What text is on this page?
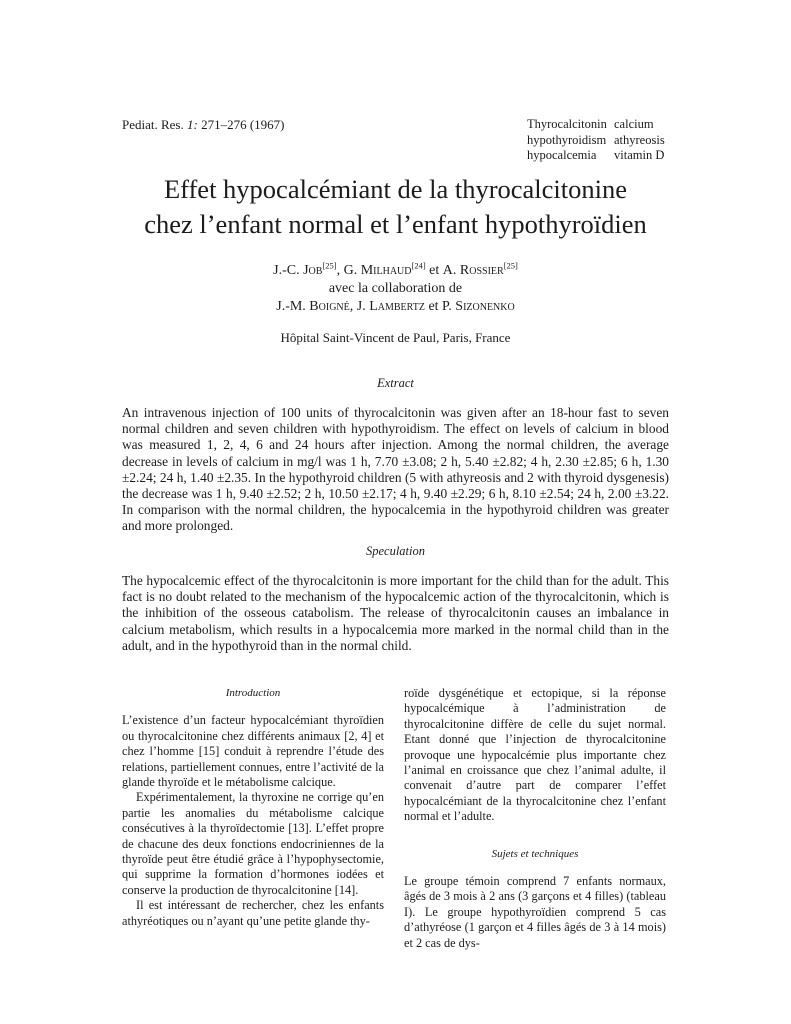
Pediat. Res. 1: 271–276 (1967)	Thyrocalcitonin calcium
hypothyroidism athyreosis
hypocalcemia	vitamin D
Effet hypocalcémiant de la thyrocalcitonine
chez l’enfant normal et l’enfant hypothyroïdien
J.-C. Job[25], G. Milhaud[24] et A. Rossier[25]
avec la collaboration de
J.-M. Boigné, J. Lambertz et P. Sizonenko
Hôpital Saint-Vincent de Paul, Paris, France
Extract

An intravenous injection of 100 units of thyrocalcitonin was given after an 18-hour fast to seven normal children and seven children with hypothyroidism. The effect on levels of calcium in blood was measured 1, 2, 4, 6 and 24 hours after injection. Among the normal children, the average decrease in levels of calcium in mg/l was 1 h, 7.70 ±3.08; 2 h, 5.40 ±2.82; 4 h, 2.30 ±2.85; 6 h, 1.30 ±2.24; 24 h, 1.40 ±2.35. In the hypothyroid children (5 with athyreosis and 2 with thyroid dysgenesis) the decrease was 1 h, 9.40 ±2.52; 2 h, 10.50 ±2.17; 4 h, 9.40 ±2.29; 6 h, 8.10 ±2.54; 24 h, 2.00 ±3.22. In comparison with the normal children, the hypocalcemia in the hypothyroid children was greater and more prolonged.

Speculation

The hypocalcemic effect of the thyrocalcitonin is more important for the child than for the adult. This fact is no doubt related to the mechanism of the hypocalcemic action of the thyrocalcitonin, which is the inhibition of the osseous catabolism. The release of thyrocalcitonin causes an imbalance in calcium metabolism, which results in a hypocalcemia more marked in the normal child than in the adult, and in the hypothyroid than in the normal child.

Introduction

L’existence d’un facteur hypocalcémiant thyroïdien ou thyrocalcitonine chez différents animaux [2, 4] et chez l’homme [15] conduit à reprendre l’étude des relations, partiellement connues, entre l’activité de la glande thyroïde et le métabolisme calcique.

Expérimentalement, la thyroxine ne corrige qu’en partie les anomalies du métabolisme calcique consécutives à la thyroïdectomie [13]. L’effet propre de chacune des deux fonctions endocriniennes de la thyroïde peut être étudié grâce à l’hypophysectomie, qui supprime la formation d’hormones iodées et conserve la production de thyrocalcitonine [14].

Il est intéressant de rechercher, chez les enfants athyréotiques ou n’ayant qu’une petite glande thy-

roïde dysgénétique et ectopique, si la réponse hypocalcémique à l’administration de thyrocalcitonine diffère de celle du sujet normal. Etant donné que l’injection de thyrocalcitonine provoque une hypocalcémie plus importante chez l’animal en croissance que chez l’animal adulte, il convenait d’autre part de comparer l’effet hypocalcémiant de la thyrocalcitonine chez l’enfant normal et l’adulte.

Sujets et techniques

Le groupe témoin comprend 7 enfants normaux, âgés de 3 mois à 2 ans (3 garçons et 4 filles) (tableau I). Le groupe hypothyroïdien comprend 5 cas d’athyréose (1 garçon et 4 filles âgés de 3 à 14 mois) et 2 cas de dys-
